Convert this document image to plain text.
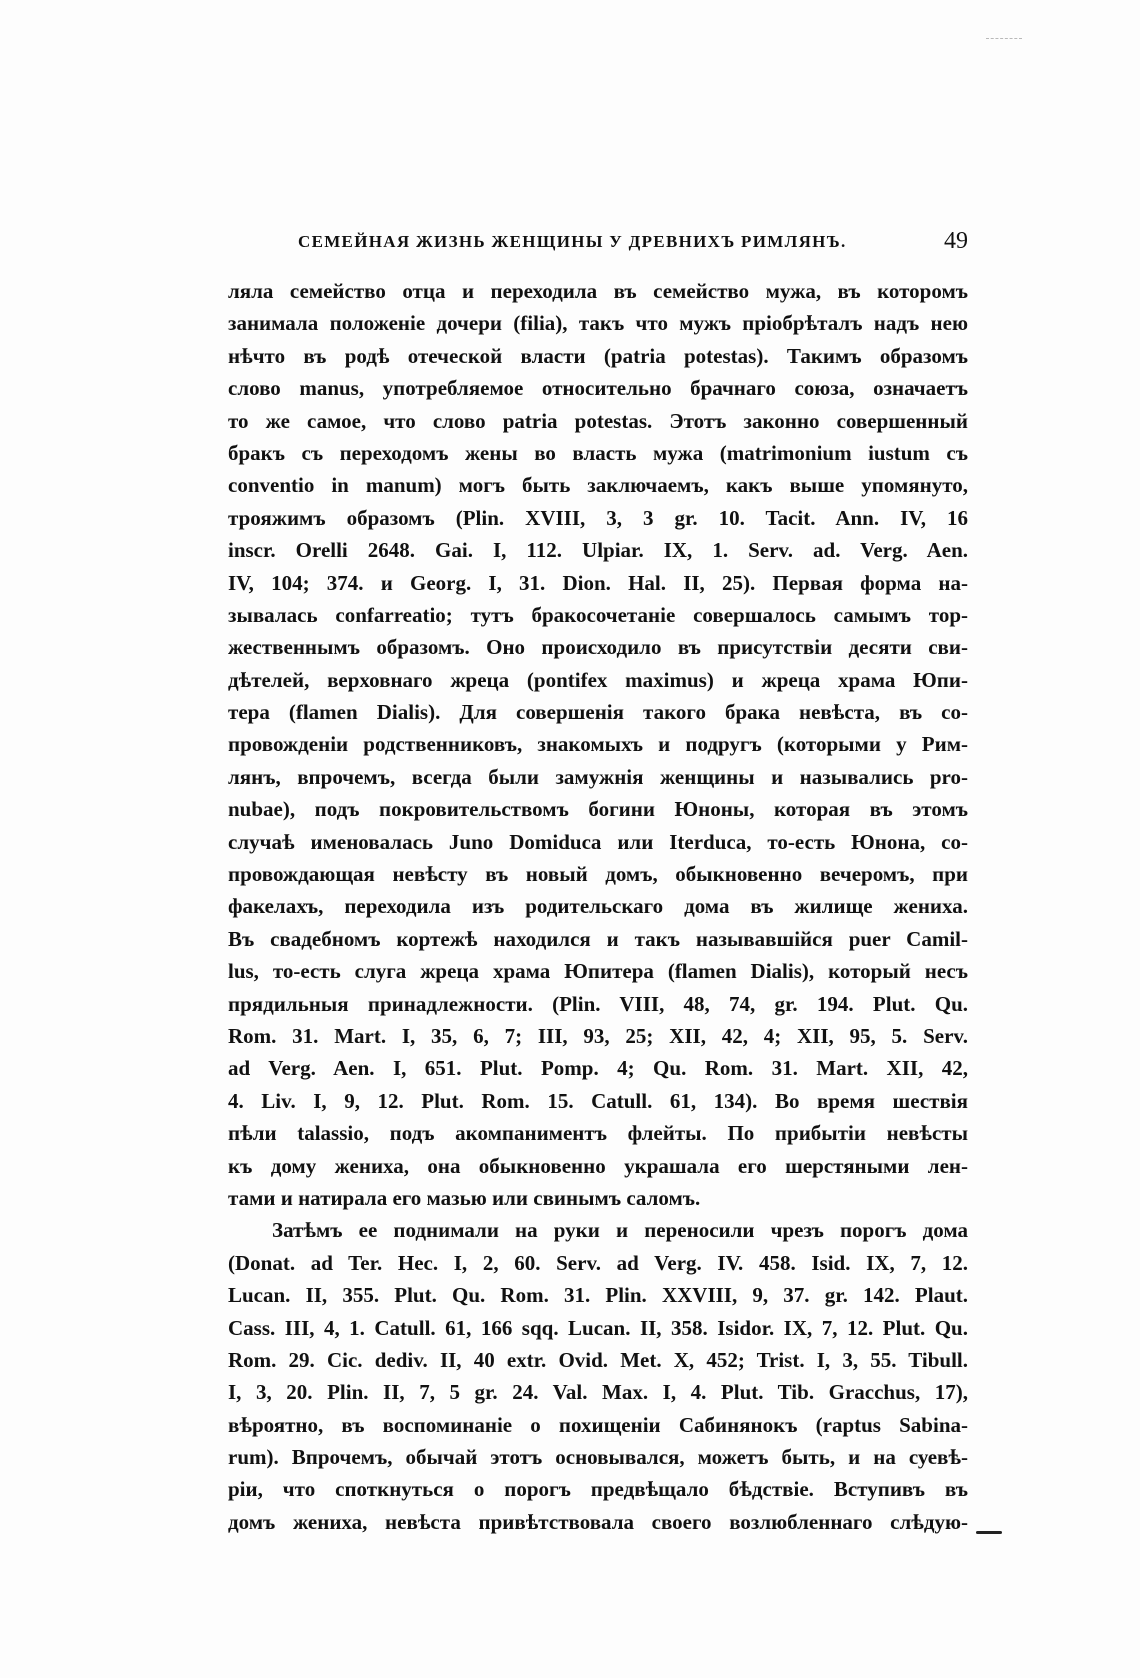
СЕМЕЙНАЯ ЖИЗНЬ ЖЕНЩИНЫ У ДРЕВНИХЪ РИМЛЯНЪ.	49
ляла семейство отца и переходила въ семейство мужа, въ которомъ
занимала положеніе дочери (filia), такъ что мужъ пріобрѣталъ надъ нею
нѣчто въ родѣ отеческой власти (patria potestas). Такимъ образомъ
слово manus, употребляемое относительно брачнаго союза, означаетъ
то же самое, что слово patria potestas. Этотъ законно совершенный
бракъ съ переходомъ жены во власть мужа (matrimonium iustum съ
conventio in manum) могъ быть заключаемъ, какъ выше упомянуто,
трояжимъ образомъ (Plin. XVIII, 3, 3 gr. 10. Tacit. Ann. IV, 16
inscr. Orelli 2648. Gai. I, 112. Ulpiar. IX, 1. Serv. ad. Verg. Aen.
IV, 104; 374. и Georg. I, 31. Dion. Hal. II, 25). Первая форма на-
зывалась confarreatio; тутъ бракосочетаніе совершалось самымъ тор-
жественнымъ образомъ. Оно происходило въ присутствіи десяти сви-
дѣтелей, верховнаго жреца (pontifex maximus) и жреца храма Юпи-
тера (flamen Dialis). Для совершенія такого брака невѣста, въ со-
провожденіи родственниковъ, знакомыхъ и подругъ (которыми у Рим-
лянъ, впрочемъ, всегда были замужнія женщины и назывались pro-
nubae), подъ покровительствомъ богини Юноны, которая въ этомъ
случаѣ именовалась Juno Domiduca или Iterduca, то-есть Юнона, со-
провождающая невѣсту въ новый домъ, обыкновенно вечеромъ, при
факелахъ, переходила изъ родительскаго дома въ жилище жениха.
Въ свадебномъ кортежѣ находился и такъ называвшійся puer Camil-
lus, то-есть слуга жреца храма Юпитера (flamen Dialis), который несъ
прядильныя принадлежности. (Plin. VIII, 48, 74, gr. 194. Plut. Qu.
Rom. 31. Mart. I, 35, 6, 7; III, 93, 25; XII, 42, 4; XII, 95, 5. Serv.
ad Verg. Aen. I, 651. Plut. Pomp. 4; Qu. Rom. 31. Mart. XII, 42,
4. Liv. I, 9, 12. Plut. Rom. 15. Catull. 61, 134). Во время шествія
пѣли talassio, подъ акомпаниментъ флейты. По прибытіи невѣсты
къ дому жениха, она обыкновенно украшала его шерстяными лен-
тами и натирала его мазью или свинымъ саломъ.
Затѣмъ ее поднимали на руки и переносили чрезъ порогъ дома
(Donat. ad Ter. Hec. I, 2, 60. Serv. ad Verg. IV. 458. Isid. IX, 7, 12.
Lucan. II, 355. Plut. Qu. Rom. 31. Plin. XXVIII, 9, 37. gr. 142. Plaut.
Cass. III, 4, 1. Catull. 61, 166 sqq. Lucan. II, 358. Isidor. IX, 7, 12. Plut. Qu.
Rom. 29. Cic. dediv. II, 40 extr. Ovid. Met. X, 452; Trist. I, 3, 55. Tibull.
I, 3, 20. Plin. II, 7, 5 gr. 24. Val. Max. I, 4. Plut. Tib. Gracchus, 17),
вѣроятно, въ воспоминаніе о похищеніи Сабинянокъ (raptus Sabina-
rum). Впрочемъ, обычай этотъ основывался, можетъ быть, и на суевѣ-
ріи, что споткнуться о порогъ предвѣщало бѣдствіе. Вступивъ въ
домъ жениха, невѣста привѣтствовала своего возлюбленнаго слѣдую-
